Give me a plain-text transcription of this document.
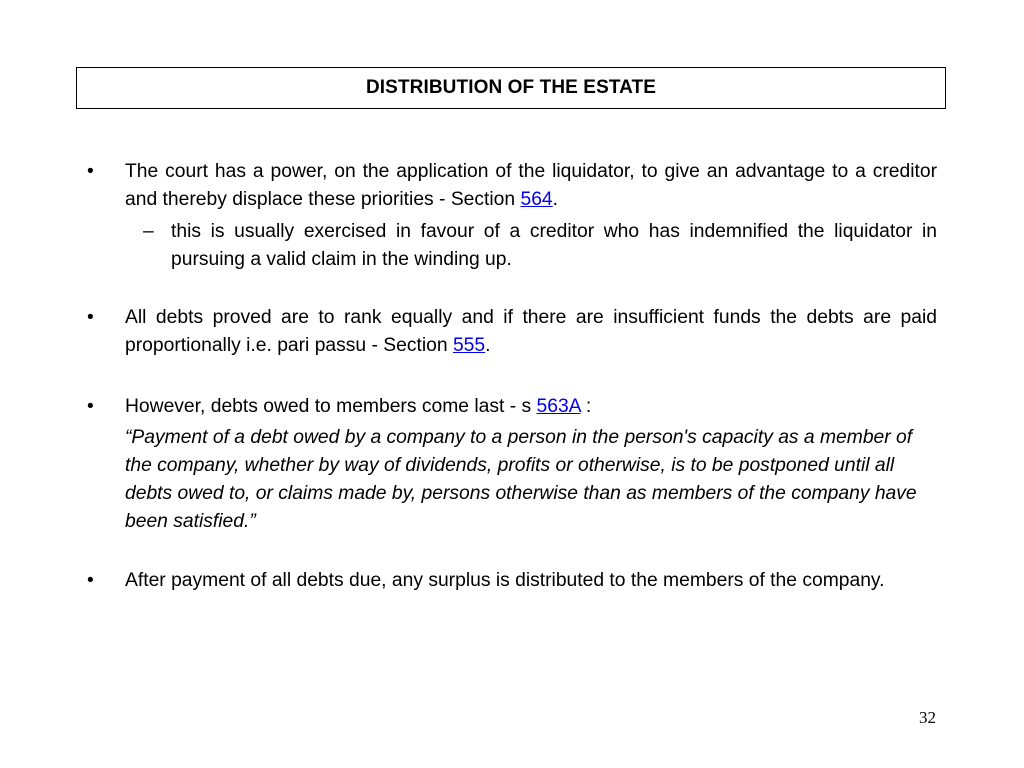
DISTRIBUTION OF THE ESTATE
• The court has a power, on the application of the liquidator, to give an advantage to a creditor and thereby displace these priorities - Section 564.
– this is usually exercised in favour of a creditor who has indemnified the liquidator in pursuing a valid claim in the winding up.
• All debts proved are to rank equally and if there are insufficient funds the debts are paid proportionally i.e. pari passu - Section 555.
• However, debts owed to members come last - s 563A :
“Payment of a debt owed by a company to a person in the person's capacity as a member of the company, whether by way of dividends, profits or otherwise, is to be postponed until all debts owed to, or claims made by, persons otherwise than as members of the company have been satisfied.”
• After payment of all debts due, any surplus is distributed to the members of the company.
32
